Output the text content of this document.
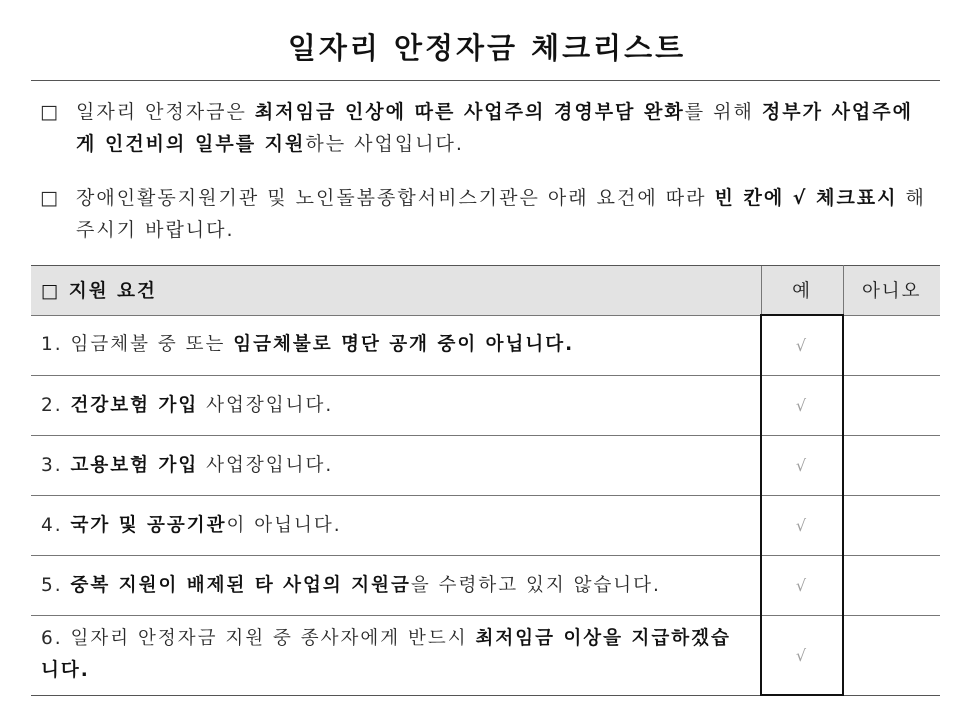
일자리 안정자금 체크리스트
□ 일자리 안정자금은 최저임금 인상에 따른 사업주의 경영부담 완화를 위해 정부가 사업주에게 인건비의 일부를 지원하는 사업입니다.
□ 장애인활동지원기관 및 노인돌봄종합서비스기관은 아래 요건에 따라 빈 칸에 √ 체크표시 해 주시기 바랍니다.
□ 지원 요건	예	아니오
1. 임금체불 중 또는 임금체불로 명단 공개 중이 아닙니다.	√	
2. 건강보험 가입 사업장입니다.	√	
3. 고용보험 가입 사업장입니다.	√	
4. 국가 및 공공기관이 아닙니다.	√	
5. 중복 지원이 배제된 타 사업의 지원금을 수령하고 있지 않습니다.	√	
6. 일자리 안정자금 지원 중 종사자에게 반드시 최저임금 이상을 지급하겠습니다.	√	
